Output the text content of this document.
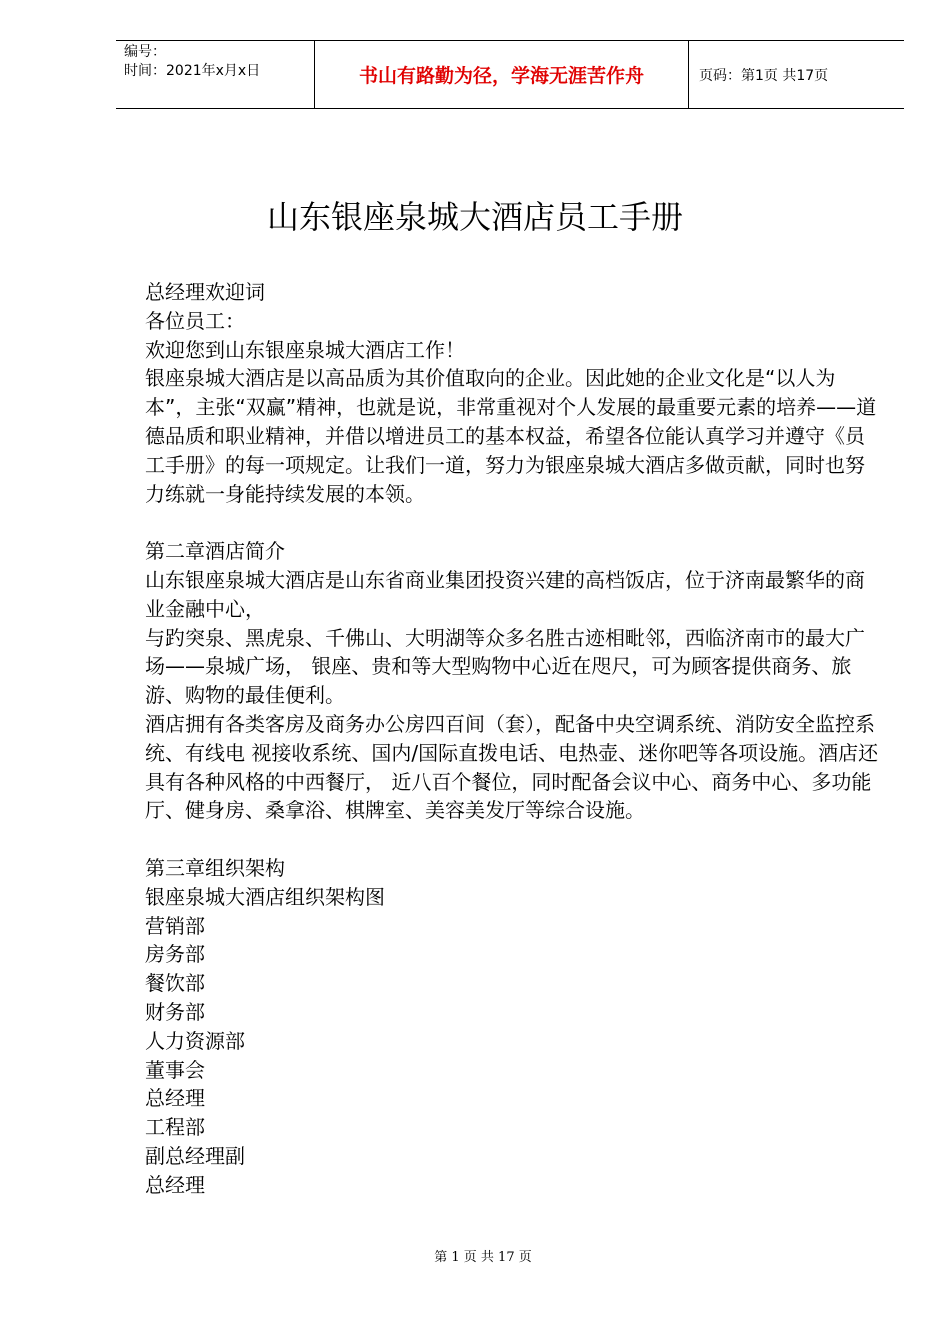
编号：
时间：2021年x月x日	书山有路勤为径，学海无涯苦作舟	页码：第1页 共17页
山东银座泉城大酒店员工手册

总经理欢迎词

各位员工：

欢迎您到山东银座泉城大酒店工作！

银座泉城大酒店是以高品质为其价值取向的企业。因此她的企业文化是“以人为本”，主张“双赢”精神，也就是说，非常重视对个人发展的最重要元素的培养——道德品质和职业精神，并借以增进员工的基本权益，希望各位能认真学习并遵守《员工手册》的每一项规定。让我们一道，努力为银座泉城大酒店多做贡献，同时也努力练就一身能持续发展的本领。

第二章酒店简介

山东银座泉城大酒店是山东省商业集团投资兴建的高档饭店，位于济南最繁华的商业金融中心，

与趵突泉、黑虎泉、千佛山、大明湖等众多名胜古迹相毗邻，西临济南市的最大广场——泉城广场， 银座、贵和等大型购物中心近在咫尺，可为顾客提供商务、旅游、购物的最佳便利。

酒店拥有各类客房及商务办公房四百间（套），配备中央空调系统、消防安全监控系统、有线电 视接收系统、国内/国际直拨电话、电热壶、迷你吧等各项设施。酒店还具有各种风格的中西餐厅， 近八百个餐位，同时配备会议中心、商务中心、多功能厅、健身房、桑拿浴、棋牌室、美容美发厅等综合设施。

第三章组织架构

银座泉城大酒店组织架构图

营销部

房务部

餐饮部

财务部

人力资源部

董事会

总经理

工程部

副总经理副

总经理

第 1 页 共 17 页
